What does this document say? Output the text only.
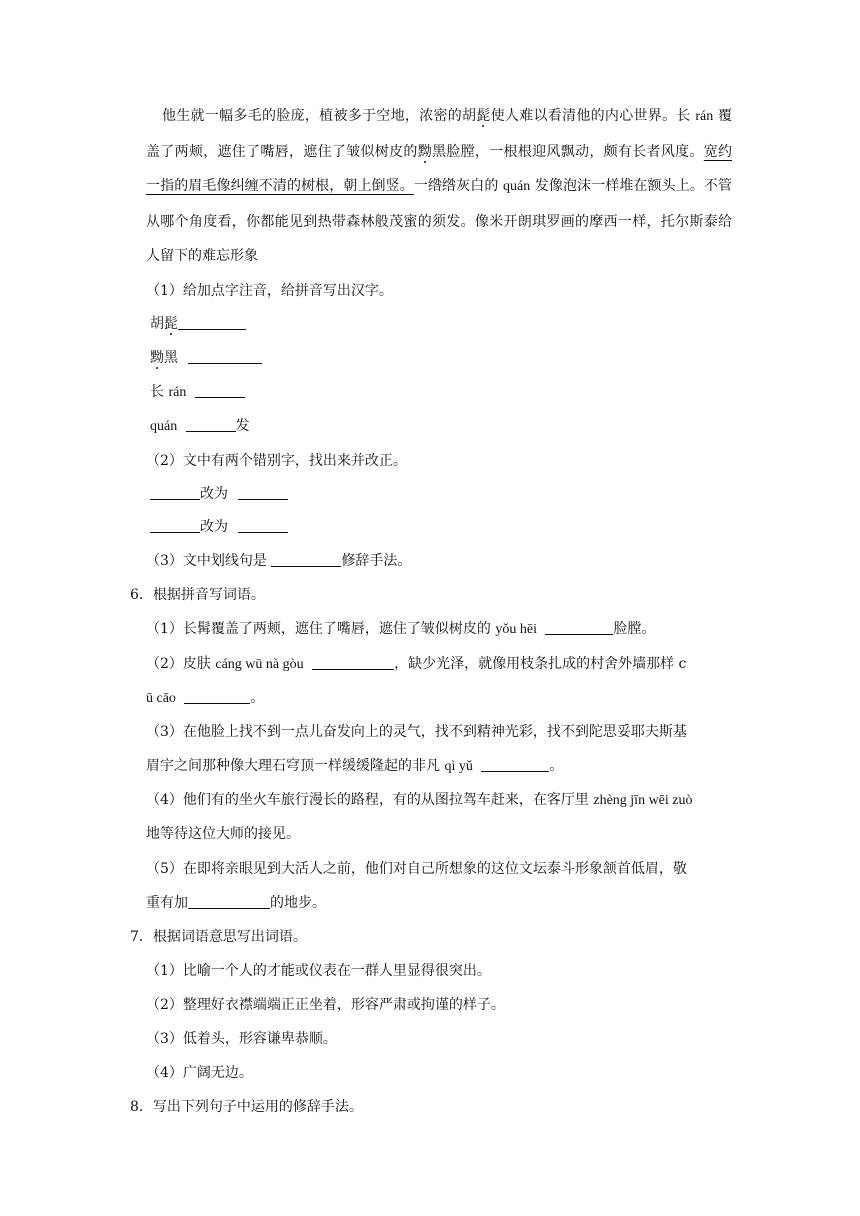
他生就一幅多毛的脸庞，植被多于空地，浓密的胡髭使人难以看清他的内心世界。长 rán 覆盖了两颊，遮住了嘴唇，遮住了皱似树皮的黝黑脸膛，一根根迎风飘动，颇有长者风度。宽约一指的眉毛像纠缠不清的树根，朝上倒竖。一绺绺灰白的 quán 发像泡沫一样堆在额头上。不管从哪个角度看，你都能见到热带森林般茂蜜的须发。像米开朗琪罗画的摩西一样，托尔斯泰给人留下的难忘形象
（1）给加点字注音，给拼音写出汉字。
胡髭
黝黑
长 rán
quán	发
（2）文中有两个错别字，找出来并改正。
改为
改为
（3）文中划线句是	修辞手法。
6．根据拼音写词语。
（1）长髯覆盖了两颊，遮住了嘴唇，遮住了皱似树皮的 yǒu hēi	脸膛。
（2）皮肤 cáng wū nà gòu	，缺少光泽，就像用枝条扎成的村舍外墙那样 c
ū cāo	。
（3）在他脸上找不到一点儿奋发向上的灵气，找不到精神光彩，找不到陀思妥耶夫斯基
眉宇之间那种像大理石穹顶一样缓缓隆起的非凡 qì yǔ	。
（4）他们有的坐火车旅行漫长的路程，有的从图拉驾车赶来，在客厅里 zhèng jīn wēi zuò
地等待这位大师的接见。
（5）在即将亲眼见到大活人之前，他们对自己所想象的这位文坛泰斗形象颔首低眉，敬
重有加	的地步。
7．根据词语意思写出词语。
（1）比喻一个人的才能或仪表在一群人里显得很突出。
（2）整理好衣襟端端正正坐着，形容严肃或拘谨的样子。
（3）低着头，形容谦卑恭顺。
（4）广阔无边。
8．写出下列句子中运用的修辞手法。
